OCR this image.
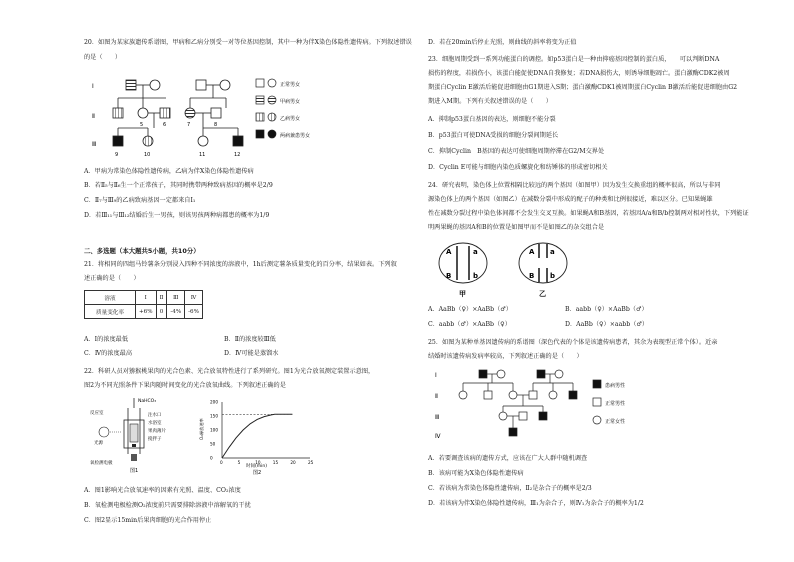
20．如图为某家族遗传系谱图，甲病和乙病分别受一对等位基因控制，其中一种为伴X染色体隐性遗传病。下列叙述错误
的是（　　）
Ⅰ
Ⅱ
Ⅲ
5	6	7	8
9	10	11	12
正常男女
甲病男女
乙病男女
两病兼患男女
A．甲病为常染色体隐性遗传病，乙病为伴X染色体隐性遗传病
B．若Ⅱ₅与Ⅱ₆生一个正常孩子，其同时携带两种致病基因的概率是2/9
C．Ⅱ₇与Ⅲ₉的乙病致病基因一定都来自Ⅰ₁
D．若Ⅲ₁₁与Ⅲ₁₂结婚后生一男孩，则该男孩两种病都患的概率为1/9
二、多选题（本大题共5小题，共10分）
21．将相同的四组马铃薯条分别浸入四种不同浓度的溶液中，1h后测定薯条质量变化的百分率，结果如表。下列叙
述正确的是（　　）
溶液	Ⅰ	Ⅱ	Ⅲ	Ⅳ
质量变化率	+6%	0	-4%	-6%
A．Ⅰ的浓度最低	B．Ⅱ的浓度较Ⅲ低
C．Ⅳ的浓度最高	D．Ⅳ可能是蒸馏水
22．科研人员对猕猴桃果肉的光合色素、光合放氧特性进行了系列研究。图1为光合放氧测定装置示意图，
图2为不同光照条件下果肉随时间变化的光合放氧曲线。下列叙述正确的是
NaHCO₃
反应室
光源
氧检测电极
注水口
水浴室
果肉薄片
搅拌子
图1
0	5	10	15	20	25
0
50
100
150
200
时间(min)
图2
O₂释放速率
A．图1影响光合放氧速率的因素有光照、温度、CO₂浓度
B．氧检测电极检测O₂浓度前只需要排除溶液中溶解氧的干扰
C．图2显示15min后果肉细胞的光合作用停止
D．若在20min后停止光照，则曲线的斜率将变为正值
23．细胞周期受到一系列功能蛋白的调控。如p53蛋白是一种由抑癌基因控制的蛋白质，　　可以判断DNA
损伤的程度，若损伤小，该蛋白能促使DNA自我修复；若DNA损伤大，则诱导细胞凋亡。蛋白激酶CDK2被周
期蛋白Cyclin E激活后能促进细胞由G1期进入S期；蛋白激酶CDK1被周期蛋白Cyclin B激活后能促进细胞由G2
期进入M期。下列有关叙述错误的是（　　）
A．抑制p53蛋白基因的表达，则细胞不能分裂
B．p53蛋白可使DNA受损的细胞分裂间期延长
C．抑制Cyclin　B基因的表达可使细胞周期停滞在G2/M交界处
D．Cyclin E可能与细胞内染色质螺旋化和纺锤体的形成密切相关
24．研究表明，染色体上位置相隔比较远的两个基因（如图甲）因为发生交换重组的概率很高，所以与非同
源染色体上的两个基因（如图乙）在减数分裂中形成的配子的种类和比例很接近，难以区分。已知果蝇雄
性在减数分裂过程中染色体间都不会发生交叉互换。如果蝇A和B基因，若基因A/a和B/b控制两对相对性状，下列能证
明两果蝇的基因A和B的位置是如图甲而不是如图乙的杂交组合是
A	a
B	b
甲
A a
B b
乙
A．AaBb（♀）×AaBb（♂）	B．aabb（♀）×AaBb（♂）
C．aabb（♂）×AaBb（♀）	D．AaBb（♀）×aabb（♂）
25．如图为某种单基因遗传病的系谱图（深色代表的个体是该遗传病患者，其余为表现型正常个体）。近亲
结婚时该遗传病发病率较高，下列叙述正确的是（　　）
Ⅰ
Ⅱ
Ⅲ
Ⅳ
患病男性
正常男性
正常女性
A．若要调查该病的遗传方式，应该在广大人群中随机调查
B．该病可能为X染色体隐性遗传病
C．若该病为常染色体隐性遗传病，Ⅱ₂是杂合子的概率是2/3
D．若该病为伴X染色体隐性遗传病，Ⅲ₁为杂合子，则Ⅳ₁为杂合子的概率为1/2
